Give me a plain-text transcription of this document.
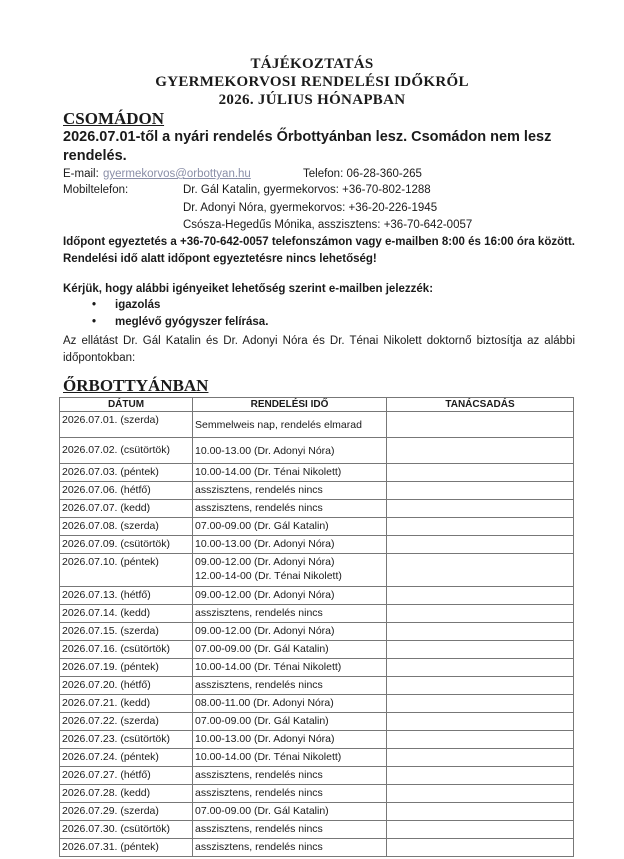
TÁJÉKOZTATÁS
GYERMEKORVOSI RENDELÉSI IDŐKRŐL
2026. JÚLIUS HÓNAPBAN
CSOMÁDON
2026.07.01-től a nyári rendelés Őrbottyánban lesz. Csomádon nem lesz rendelés.
E-mail: gyermekorvos@orbottyan.hu	Telefon: 06-28-360-265
Mobiltelefon:	Dr. Gál Katalin, gyermekorvos: +36-70-802-1288
Dr. Adonyi Nóra, gyermekorvos: +36-20-226-1945
Csósza-Hegedűs Mónika, asszisztens: +36-70-642-0057
Időpont egyeztetés a +36-70-642-0057 telefonszámon vagy e-mailben 8:00 és 16:00 óra között. Rendelési idő alatt időpont egyeztetésre nincs lehetőség!
Kérjük, hogy alábbi igényeiket lehetőség szerint e-mailben jelezzék:
• igazolás
• meglévő gyógyszer felírása.
Az ellátást Dr. Gál Katalin és Dr. Adonyi Nóra és Dr. Ténai Nikolett doktornő biztosítja az alábbi időpontokban:
ŐRBOTTYÁNBAN
DÁTUM	RENDELÉSI IDŐ	TANÁCSADÁS
2026.07.01. (szerda)	Semmelweis nap, rendelés elmarad	
2026.07.02. (csütörtök)	10.00-13.00 (Dr. Adonyi Nóra)	
2026.07.03. (péntek)	10.00-14.00 (Dr. Ténai Nikolett)	
2026.07.06. (hétfő)	asszisztens, rendelés nincs	
2026.07.07. (kedd)	asszisztens, rendelés nincs	
2026.07.08. (szerda)	07.00-09.00 (Dr. Gál Katalin)	
2026.07.09. (csütörtök)	10.00-13.00 (Dr. Adonyi Nóra)	
2026.07.10. (péntek)	09.00-12.00 (Dr. Adonyi Nóra)
12.00-14-00 (Dr. Ténai Nikolett)	

2026.07.13. (hétfő)	09.00-12.00 (Dr. Adonyi Nóra)	
2026.07.14. (kedd)	asszisztens, rendelés nincs	
2026.07.15. (szerda)	09.00-12.00 (Dr. Adonyi Nóra)	
2026.07.16. (csütörtök)	07.00-09.00 (Dr. Gál Katalin)	
2026.07.19. (péntek)	10.00-14.00 (Dr. Ténai Nikolett)	
2026.07.20. (hétfő)	asszisztens, rendelés nincs	
2026.07.21. (kedd)	08.00-11.00 (Dr. Adonyi Nóra)	
2026.07.22. (szerda)	07.00-09.00 (Dr. Gál Katalin)	
2026.07.23. (csütörtök)	10.00-13.00 (Dr. Adonyi Nóra)	
2026.07.24. (péntek)	10.00-14.00 (Dr. Ténai Nikolett)	
2026.07.27. (hétfő)	asszisztens, rendelés nincs	
2026.07.28. (kedd)	asszisztens, rendelés nincs	
2026.07.29. (szerda)	07.00-09.00 (Dr. Gál Katalin)	
2026.07.30. (csütörtök)	asszisztens, rendelés nincs	
2026.07.31. (péntek)	asszisztens, rendelés nincs	
